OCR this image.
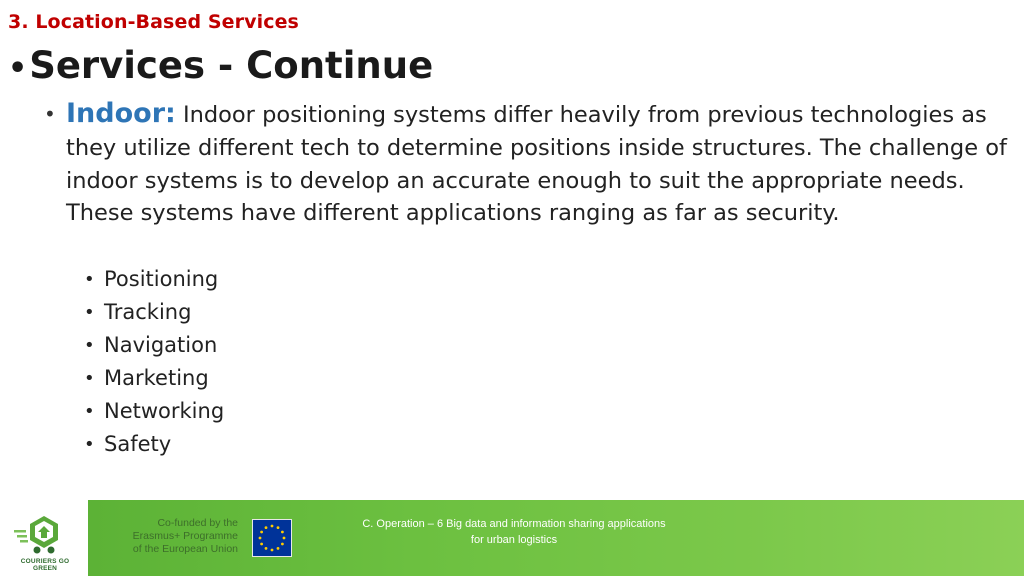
3. Location-Based Services
•Services - Continue
• Indoor: Indoor positioning systems differ heavily from previous technologies as they utilize different tech to determine positions inside structures. The challenge of indoor systems is to develop an accurate enough to suit the appropriate needs. These systems have different applications ranging as far as security.
• Positioning
• Tracking
• Navigation
• Marketing
• Networking
• Safety
COURIERS GO GREEN
Co-funded by the
Erasmus+ Programme
of the European Union
C. Operation – 6 Big data and information sharing applications
for urban logistics
